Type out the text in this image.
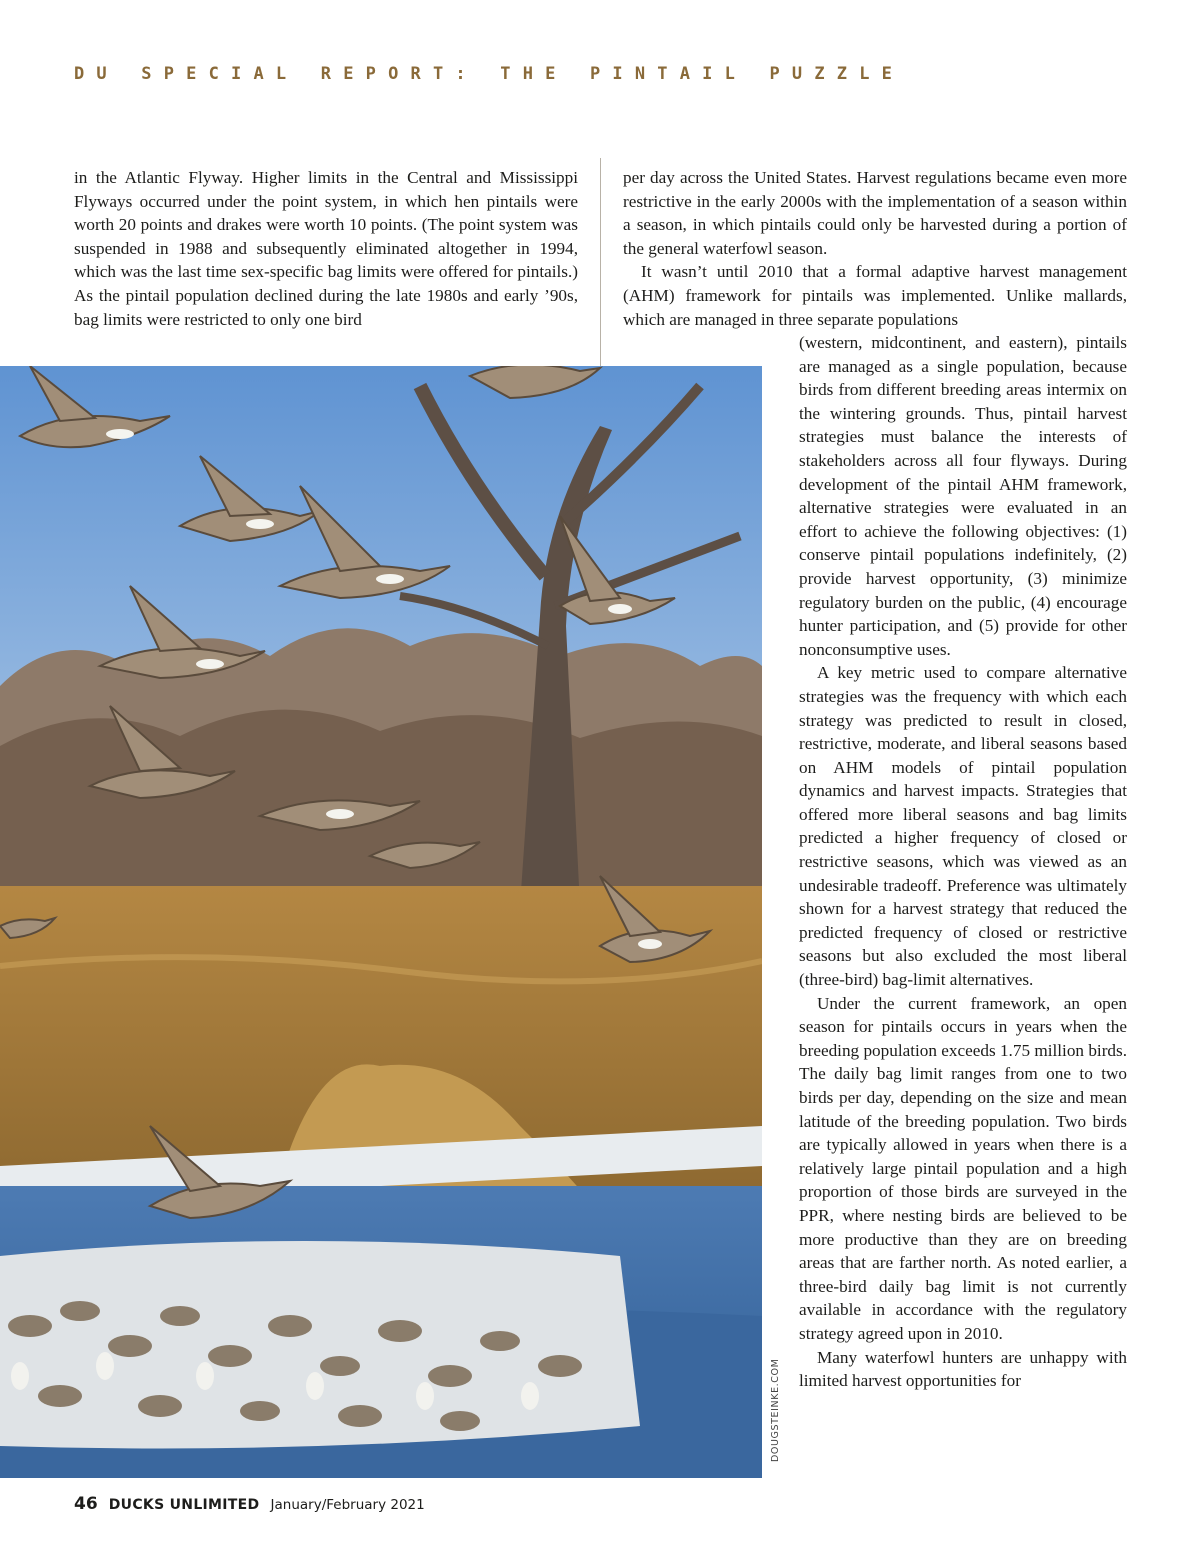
DU SPECIAL REPORT: THE PINTAIL PUZZLE

in the Atlantic Flyway. Higher limits in the Central and Mississippi Flyways occurred under the point system, in which hen pintails were worth 20 points and drakes were worth 10 points. (The point system was suspended in 1988 and subsequently eliminated altogether in 1994, which was the last time sex-specific bag limits were offered for pintails.) As the pintail population declined during the late 1980s and early ’90s, bag limits were restricted to only one bird

per day across the United States. Harvest regulations became even more restrictive in the early 2000s with the implementation of a season within a season, in which pintails could only be harvested during a portion of the general waterfowl season.

It wasn’t until 2010 that a formal adaptive harvest management (AHM) framework for pintails was implemented. Unlike mallards, which are managed in three separate populations

(western, midcontinent, and eastern), pintails are managed as a single population, because birds from different breeding areas intermix on the wintering grounds. Thus, pintail harvest strategies must balance the interests of stakeholders across all four flyways. During development of the pintail AHM framework, alternative strategies were evaluated in an effort to achieve the following objectives: (1) conserve pintail populations indefinitely, (2) provide harvest opportunity, (3) minimize regulatory burden on the public, (4) encourage hunter participation, and (5) provide for other nonconsumptive uses.

A key metric used to compare alternative strategies was the frequency with which each strategy was predicted to result in closed, restrictive, moderate, and liberal seasons based on AHM models of pintail population dynamics and harvest impacts. Strategies that offered more liberal seasons and bag limits predicted a higher frequency of closed or restrictive seasons, which was viewed as an undesirable tradeoff. Preference was ultimately shown for a harvest strategy that reduced the predicted frequency of closed or restrictive seasons but also excluded the most liberal (three-bird) bag-limit alternatives.

Under the current framework, an open season for pintails occurs in years when the breeding population exceeds 1.75 million birds. The daily bag limit ranges from one to two birds per day, depending on the size and mean latitude of the breeding population. Two birds are typically allowed in years when there is a relatively large pintail population and a high proportion of those birds are surveyed in the PPR, where nesting birds are believed to be more productive than they are on breeding areas that are farther north. As noted earlier, a three-bird daily bag limit is not currently available in accordance with the regulatory strategy agreed upon in 2010.

Many waterfowl hunters are unhappy with limited harvest opportunities for

DOUGSTEINKE.COM
46 DUCKS UNLIMITED January/February 2021
